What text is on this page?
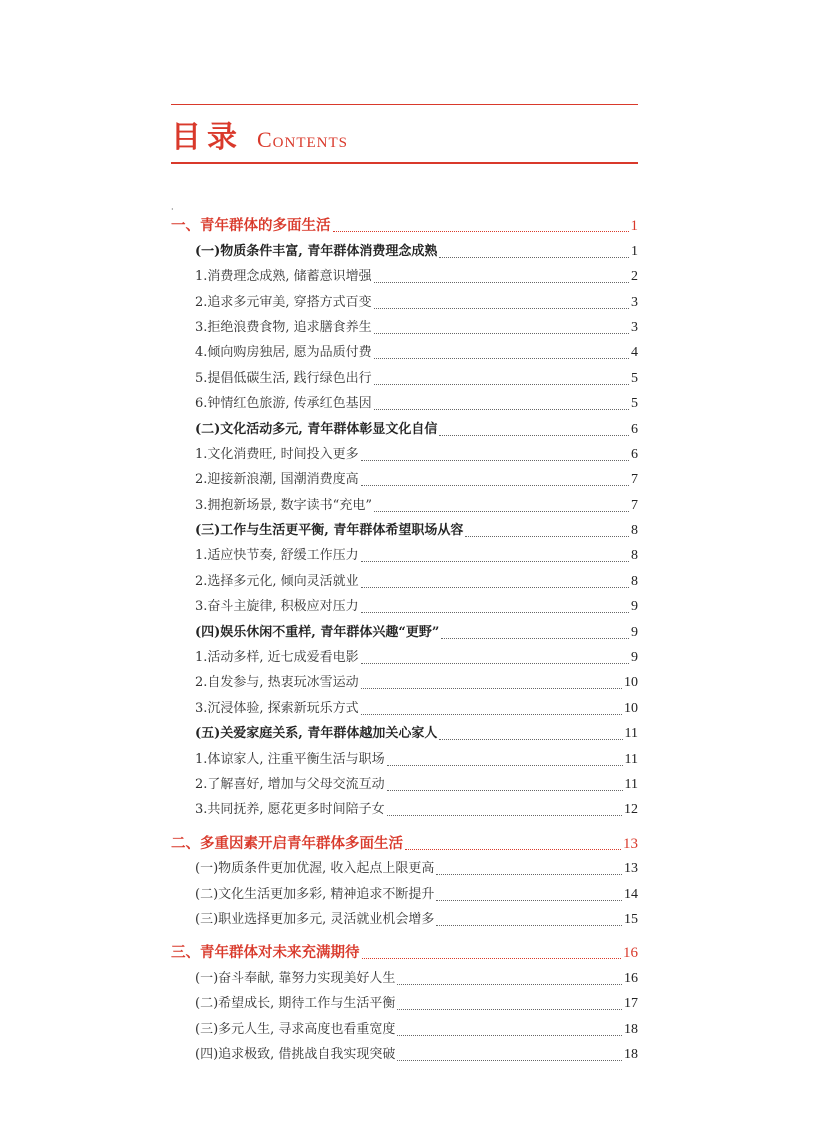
目录 Contents
·
一、青年群体的多面生活	1
(一)物质条件丰富, 青年群体消费理念成熟	1
1.消费理念成熟, 储蓄意识增强	2
2.追求多元审美, 穿搭方式百变	3
3.拒绝浪费食物, 追求膳食养生	3
4.倾向购房独居, 愿为品质付费	4
5.提倡低碳生活, 践行绿色出行	5
6.钟情红色旅游, 传承红色基因	5
(二)文化活动多元, 青年群体彰显文化自信	6
1.文化消费旺, 时间投入更多	6
2.迎接新浪潮, 国潮消费度高	7
3.拥抱新场景, 数字读书“充电”	7
(三)工作与生活更平衡, 青年群体希望职场从容	8
1.适应快节奏, 舒缓工作压力	8
2.选择多元化, 倾向灵活就业	8
3.奋斗主旋律, 积极应对压力	9
(四)娱乐休闲不重样, 青年群体兴趣“更野”	9
1.活动多样, 近七成爱看电影	9
2.自发参与, 热衷玩冰雪运动	10
3.沉浸体验, 探索新玩乐方式	10
(五)关爱家庭关系, 青年群体越加关心家人	11
1.体谅家人, 注重平衡生活与职场	11
2.了解喜好, 增加与父母交流互动	11
3.共同抚养, 愿花更多时间陪子女	12
二、多重因素开启青年群体多面生活	13
(一)物质条件更加优渥, 收入起点上限更高	13
(二)文化生活更加多彩, 精神追求不断提升	14
(三)职业选择更加多元, 灵活就业机会增多	15
三、青年群体对未来充满期待	16
(一)奋斗奉献, 靠努力实现美好人生	16
(二)希望成长, 期待工作与生活平衡	17
(三)多元人生, 寻求高度也看重宽度	18
(四)追求极致, 借挑战自我实现突破	18
